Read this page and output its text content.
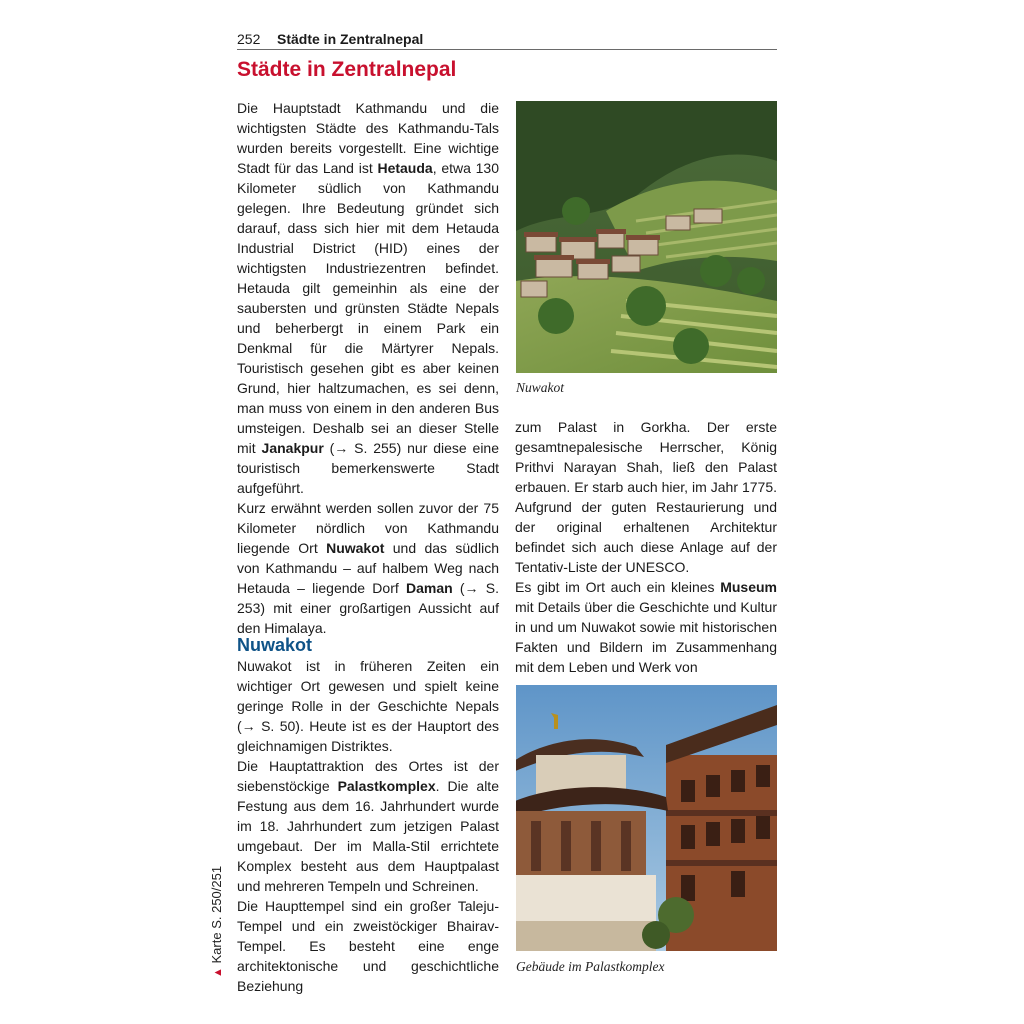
252 Städte in Zentralnepal
Städte in Zentralnepal

Die Hauptstadt Kathmandu und die wichtigsten Städte des Kathmandu-Tals wurden bereits vorgestellt. Eine wichtige Stadt für das Land ist Hetauda, etwa 130 Kilometer südlich von Kathmandu gelegen. Ihre Bedeutung gründet sich darauf, dass sich hier mit dem Hetauda Industrial District (HID) eines der wichtigsten Industriezentren befindet. Hetauda gilt gemeinhin als eine der saubersten und grünsten Städte Nepals und beherbergt in einem Park ein Denkmal für die Märtyrer Nepals. Touristisch gesehen gibt es aber keinen Grund, hier haltzumachen, es sei denn, man muss von einem in den anderen Bus umsteigen. Deshalb sei an dieser Stelle mit Janakpur (→ S. 255) nur diese eine touristisch bemerkenswerte Stadt aufgeführt.

Kurz erwähnt werden sollen zuvor der 75 Kilometer nördlich von Kathmandu liegende Ort Nuwakot und das südlich von Kathmandu – auf halbem Weg nach Hetauda – liegende Dorf Daman (→ S. 253) mit einer großartigen Aussicht auf den Himalaya.

Nuwakot

Nuwakot ist in früheren Zeiten ein wichtiger Ort gewesen und spielt keine geringe Rolle in der Geschichte Nepals (→ S. 50). Heute ist es der Hauptort des gleichnamigen Distriktes.

Die Hauptattraktion des Ortes ist der siebenstöckige Palastkomplex. Die alte Festung aus dem 16. Jahrhundert wurde im 18. Jahrhundert zum jetzigen Palast umgebaut. Der im Malla-Stil errichtete Komplex besteht aus dem Hauptpalast und mehreren Tempeln und Schreinen.

Die Haupttempel sind ein großer Taleju-Tempel und ein zweistöckiger Bhairav-Tempel. Es besteht eine enge architektonische und geschichtliche Beziehung

zum Palast in Gorkha. Der erste gesamtnepalesische Herrscher, König Prithvi Narayan Shah, ließ den Palast erbauen. Er starb auch hier, im Jahr 1775. Aufgrund der guten Restaurierung und der original erhaltenen Architektur befindet sich auch diese Anlage auf der Tentativ-Liste der UNESCO.

Es gibt im Ort auch ein kleines Museum mit Details über die Geschichte und Kultur in und um Nuwakot sowie mit historischen Fakten und Bildern im Zusammenhang mit dem Leben und Werk von

Nuwakot
Gebäude im Palastkomplex
▲ Karte S. 250/251
